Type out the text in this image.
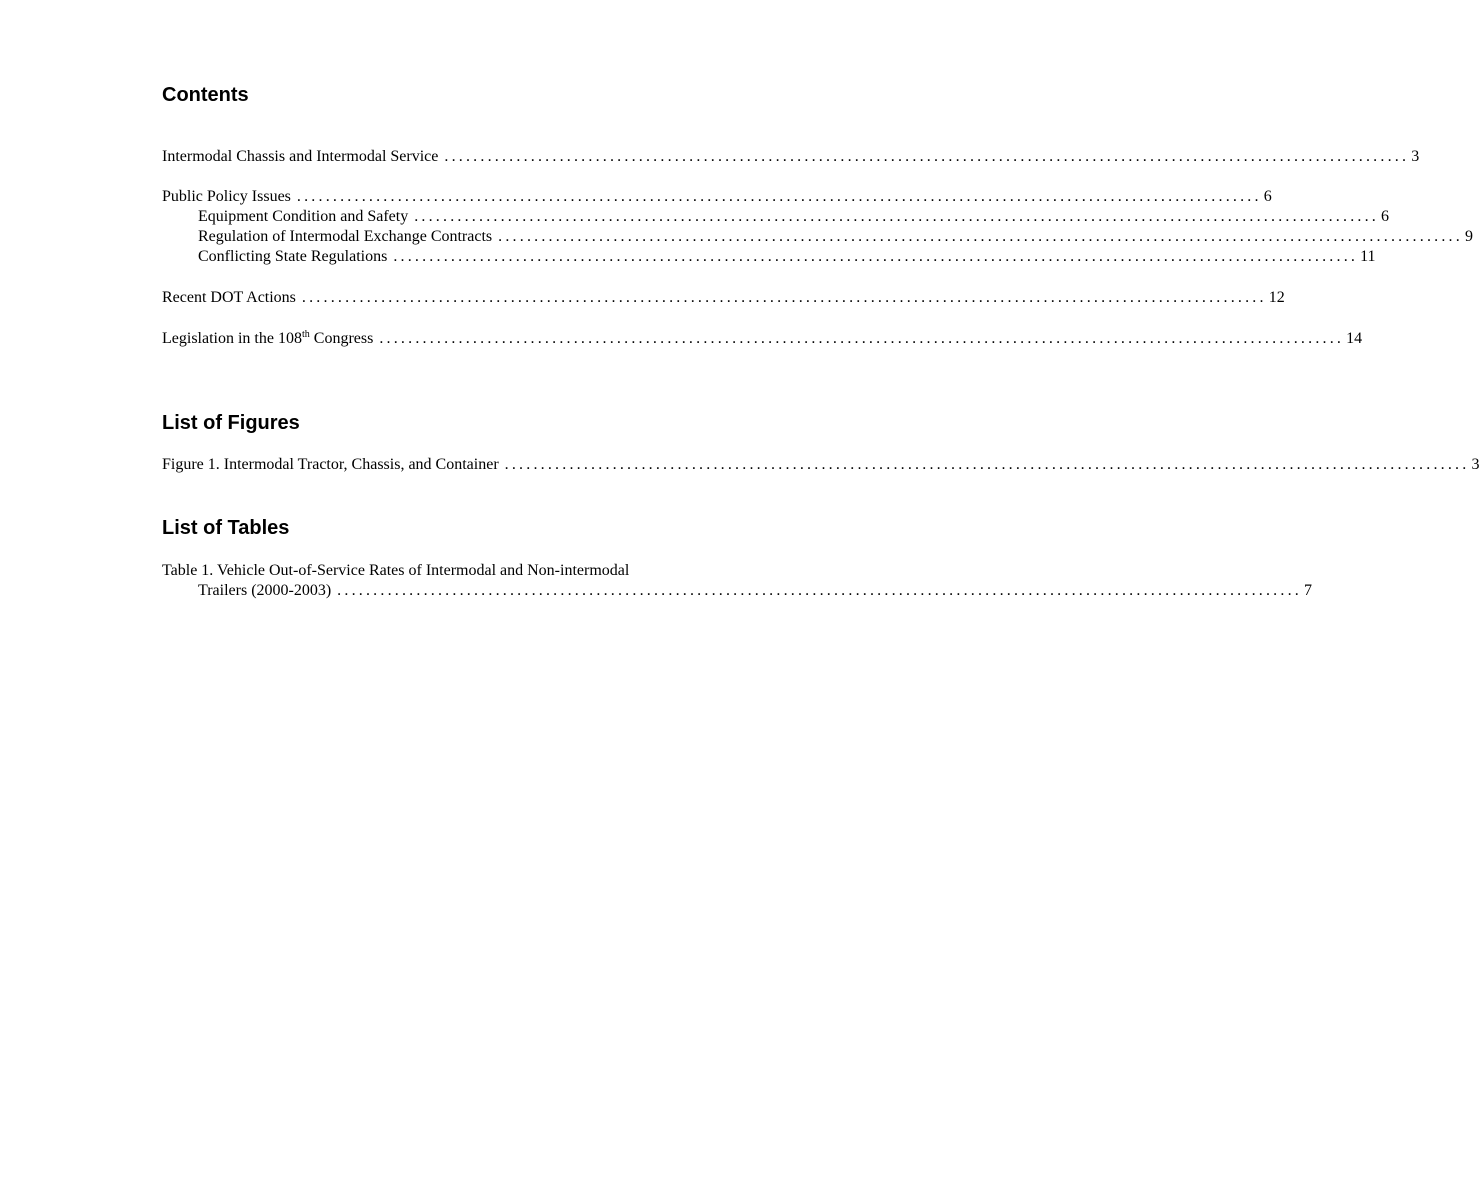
Contents
Intermodal Chassis and Intermodal Service ...................................................................................................................................... 3
Public Policy Issues ...................................................................................................................................... 6
Equipment Condition and Safety ...................................................................................................................................... 6
Regulation of Intermodal Exchange Contracts ...................................................................................................................................... 9
Conflicting State Regulations ...................................................................................................................................... 11
Recent DOT Actions ...................................................................................................................................... 12
Legislation in the 108th Congress ...................................................................................................................................... 14
List of Figures
Figure 1. Intermodal Tractor, Chassis, and Container ...................................................................................................................................... 3
List of Tables
Table 1. Vehicle Out-of-Service Rates of Intermodal and Non-intermodal
Trailers (2000-2003) ...................................................................................................................................... 7
